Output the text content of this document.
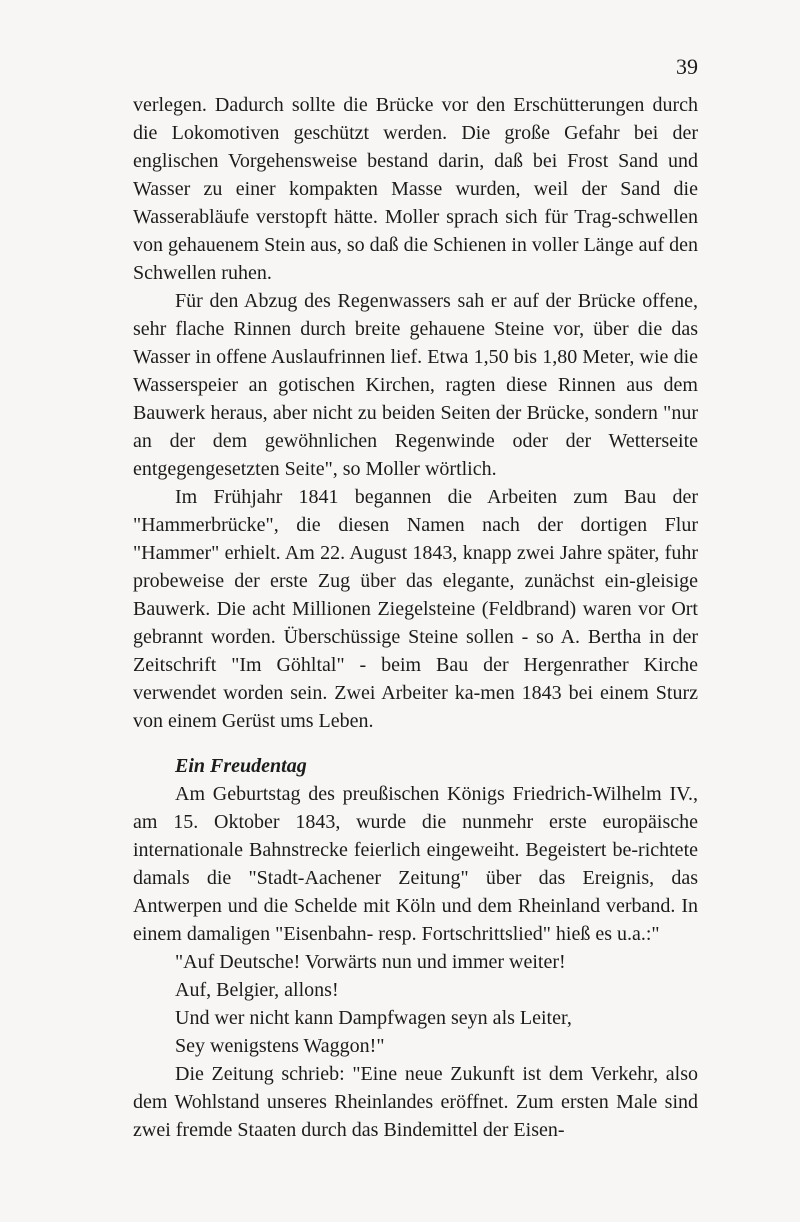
39

verlegen. Dadurch sollte die Brücke vor den Erschütterungen durch die Lokomotiven geschützt werden. Die große Gefahr bei der englischen Vorgehensweise bestand darin, daß bei Frost Sand und Wasser zu einer kompakten Masse wurden, weil der Sand die Wasserabläufe verstopft hätte. Moller sprach sich für Trag-schwellen von gehauenem Stein aus, so daß die Schienen in voller Länge auf den Schwellen ruhen.

Für den Abzug des Regenwassers sah er auf der Brücke offene, sehr flache Rinnen durch breite gehauene Steine vor, über die das Wasser in offene Auslaufrinnen lief. Etwa 1,50 bis 1,80 Meter, wie die Wasserspeier an gotischen Kirchen, ragten diese Rinnen aus dem Bauwerk heraus, aber nicht zu beiden Seiten der Brücke, sondern "nur an der dem gewöhnlichen Regenwinde oder der Wetterseite entgegengesetzten Seite", so Moller wörtlich.

Im Frühjahr 1841 begannen die Arbeiten zum Bau der "Hammerbrücke", die diesen Namen nach der dortigen Flur "Hammer" erhielt. Am 22. August 1843, knapp zwei Jahre später, fuhr probeweise der erste Zug über das elegante, zunächst ein-gleisige Bauwerk. Die acht Millionen Ziegelsteine (Feldbrand) waren vor Ort gebrannt worden. Überschüssige Steine sollen - so A. Bertha in der Zeitschrift "Im Göhltal" - beim Bau der Hergenrather Kirche verwendet worden sein. Zwei Arbeiter ka-men 1843 bei einem Sturz von einem Gerüst ums Leben.

Ein Freudentag

Am Geburtstag des preußischen Königs Friedrich-Wilhelm IV., am 15. Oktober 1843, wurde die nunmehr erste europäische internationale Bahnstrecke feierlich eingeweiht. Begeistert be-richtete damals die "Stadt-Aachener Zeitung" über das Ereignis, das Antwerpen und die Schelde mit Köln und dem Rheinland verband. In einem damaligen "Eisenbahn- resp. Fortschrittslied" hieß es u.a.:"

"Auf Deutsche! Vorwärts nun und immer weiter!

Auf, Belgier, allons!

Und wer nicht kann Dampfwagen seyn als Leiter,

Sey wenigstens Waggon!"

Die Zeitung schrieb: "Eine neue Zukunft ist dem Verkehr, also dem Wohlstand unseres Rheinlandes eröffnet. Zum ersten Male sind zwei fremde Staaten durch das Bindemittel der Eisen-
